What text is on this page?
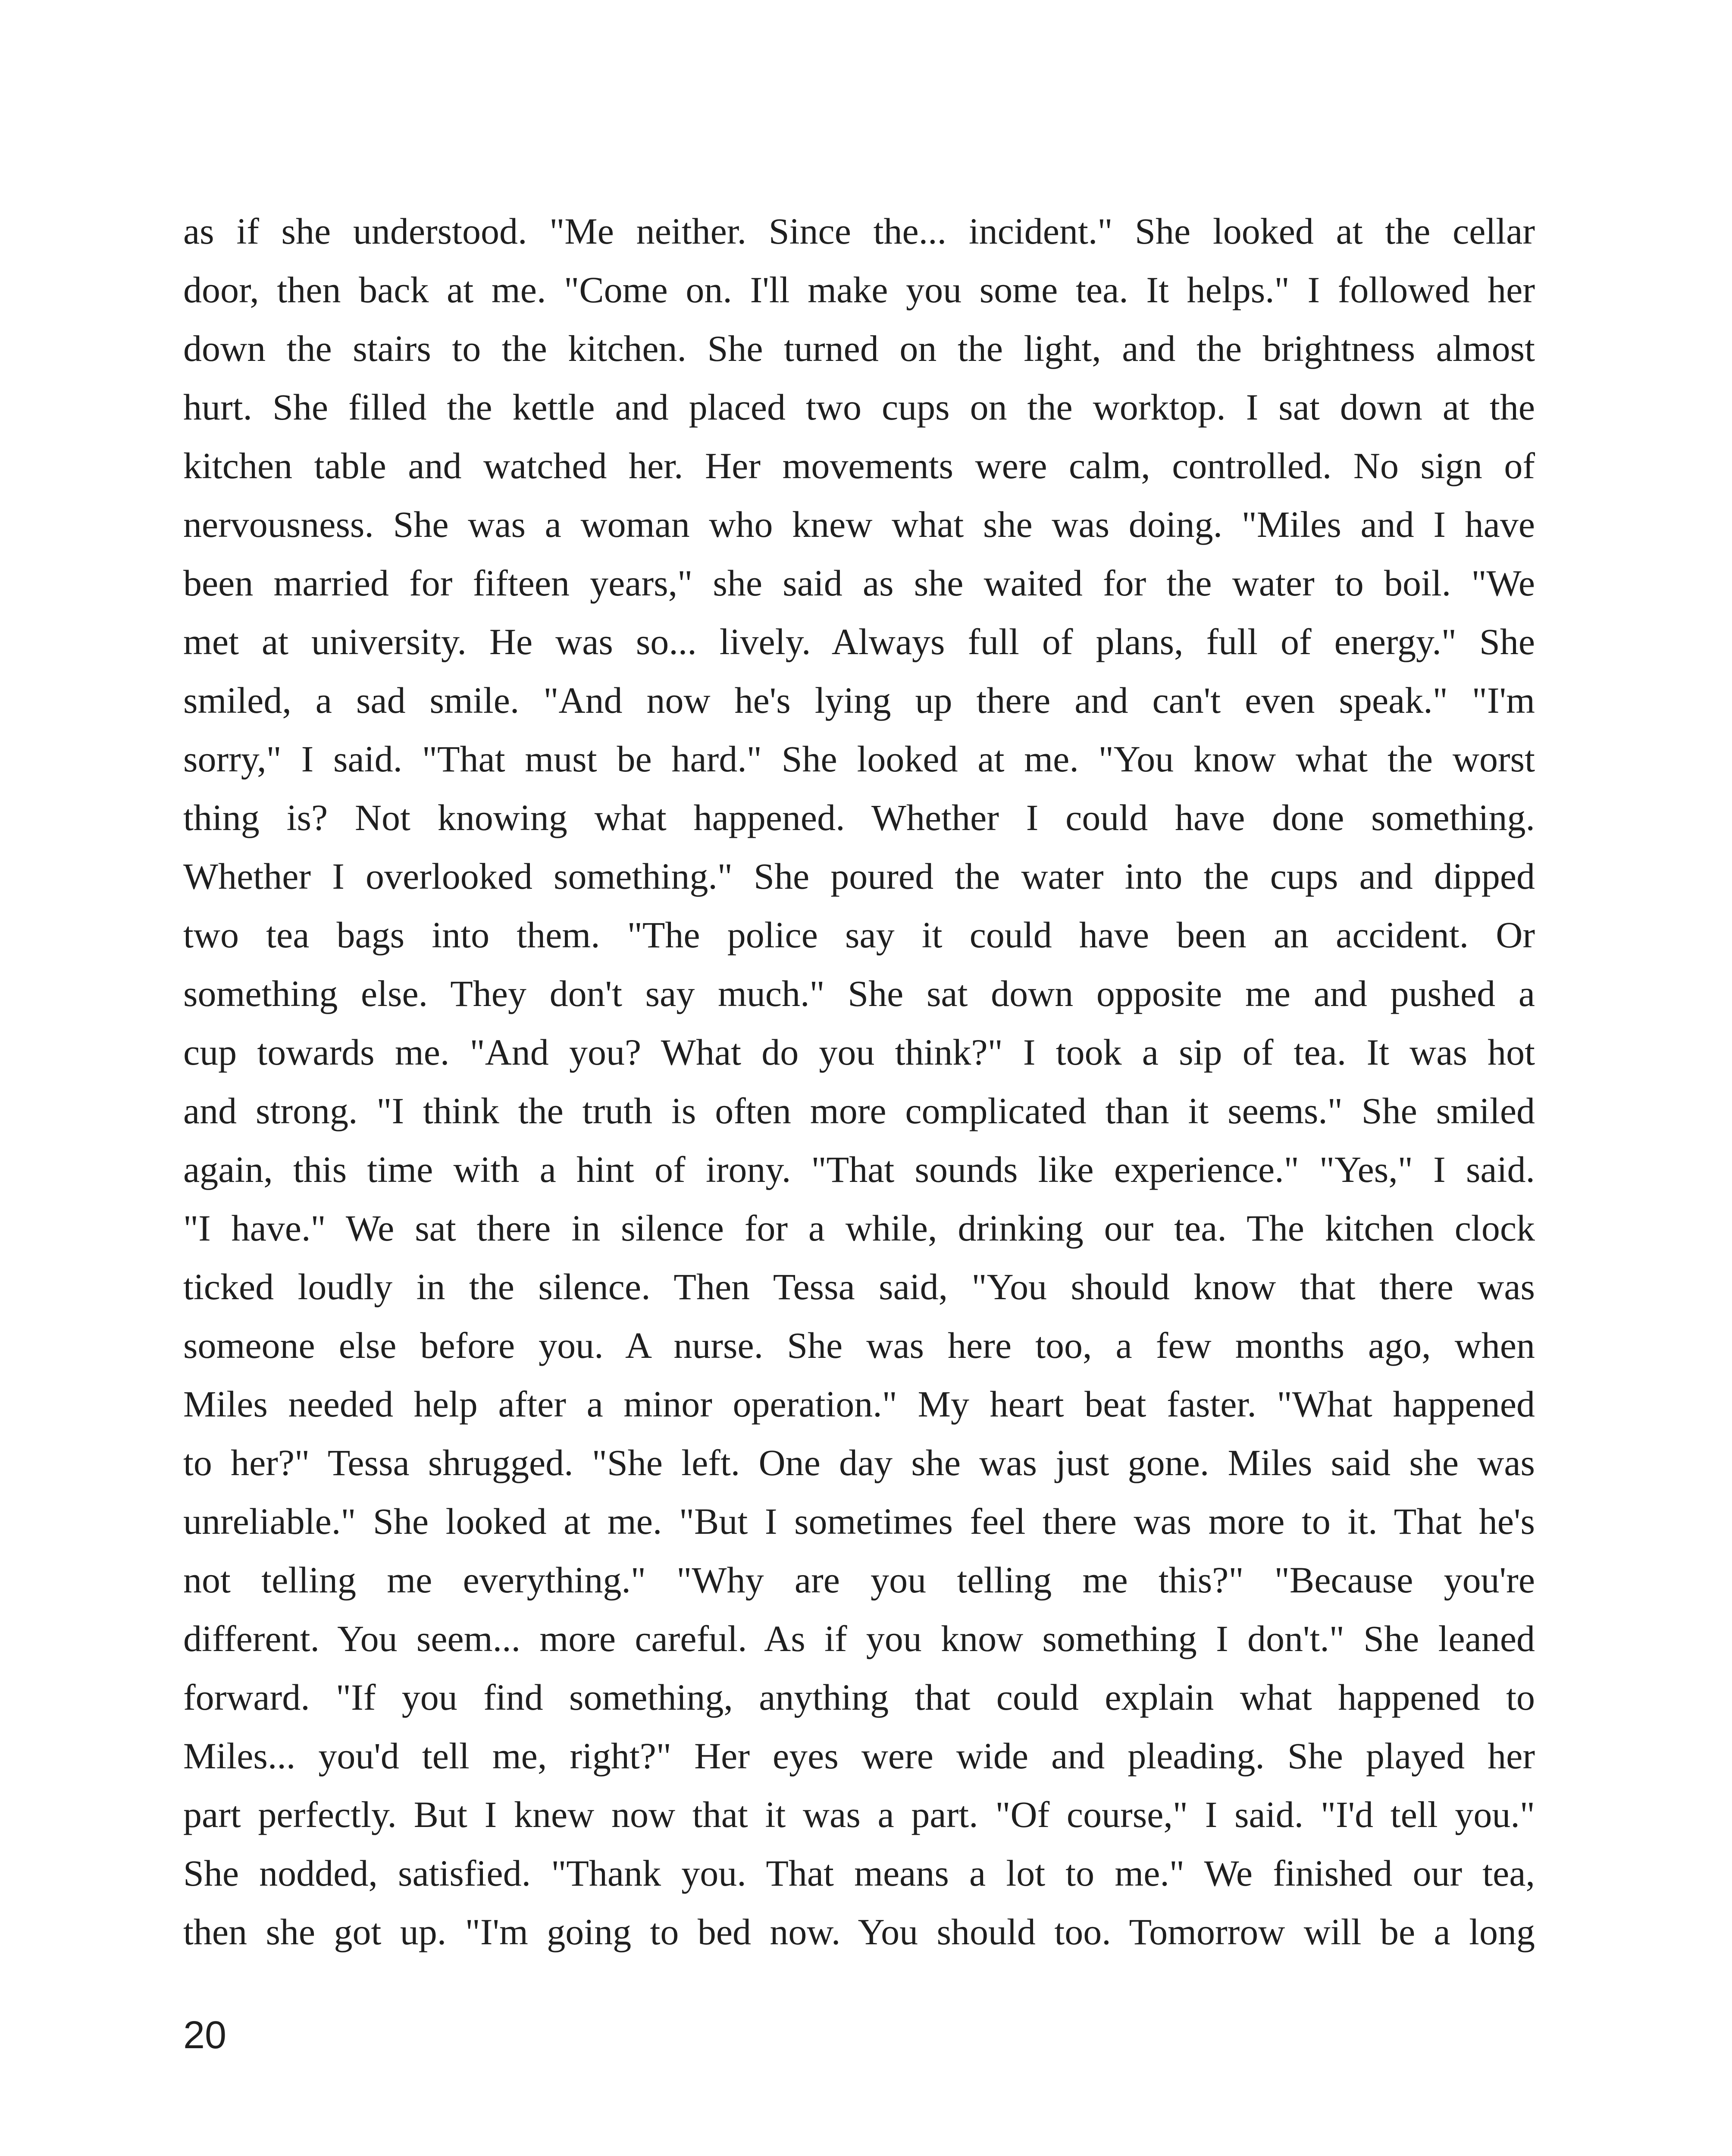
as if she understood. "Me neither. Since the... incident." She looked at the cellar
door, then back at me. "Come on. I'll make you some tea. It helps." I followed her
down the stairs to the kitchen. She turned on the light, and the brightness almost
hurt. She filled the kettle and placed two cups on the worktop. I sat down at the
kitchen table and watched her. Her movements were calm, controlled. No sign of
nervousness. She was a woman who knew what she was doing. "Miles and I have
been married for fifteen years," she said as she waited for the water to boil. "We
met at university. He was so... lively. Always full of plans, full of energy." She
smiled, a sad smile. "And now he's lying up there and can't even speak." "I'm
sorry," I said. "That must be hard." She looked at me. "You know what the worst
thing is? Not knowing what happened. Whether I could have done something.
Whether I overlooked something." She poured the water into the cups and dipped
two tea bags into them. "The police say it could have been an accident. Or
something else. They don't say much." She sat down opposite me and pushed a
cup towards me. "And you? What do you think?" I took a sip of tea. It was hot
and strong. "I think the truth is often more complicated than it seems." She smiled
again, this time with a hint of irony. "That sounds like experience." "Yes," I said.
"I have." We sat there in silence for a while, drinking our tea. The kitchen clock
ticked loudly in the silence. Then Tessa said, "You should know that there was
someone else before you. A nurse. She was here too, a few months ago, when
Miles needed help after a minor operation." My heart beat faster. "What happened
to her?" Tessa shrugged. "She left. One day she was just gone. Miles said she was
unreliable." She looked at me. "But I sometimes feel there was more to it. That he's
not telling me everything." "Why are you telling me this?" "Because you're
different. You seem... more careful. As if you know something I don't." She leaned
forward. "If you find something, anything that could explain what happened to
Miles... you'd tell me, right?" Her eyes were wide and pleading. She played her
part perfectly. But I knew now that it was a part. "Of course," I said. "I'd tell you."
She nodded, satisfied. "Thank you. That means a lot to me." We finished our tea,
then she got up. "I'm going to bed now. You should too. Tomorrow will be a long
20
